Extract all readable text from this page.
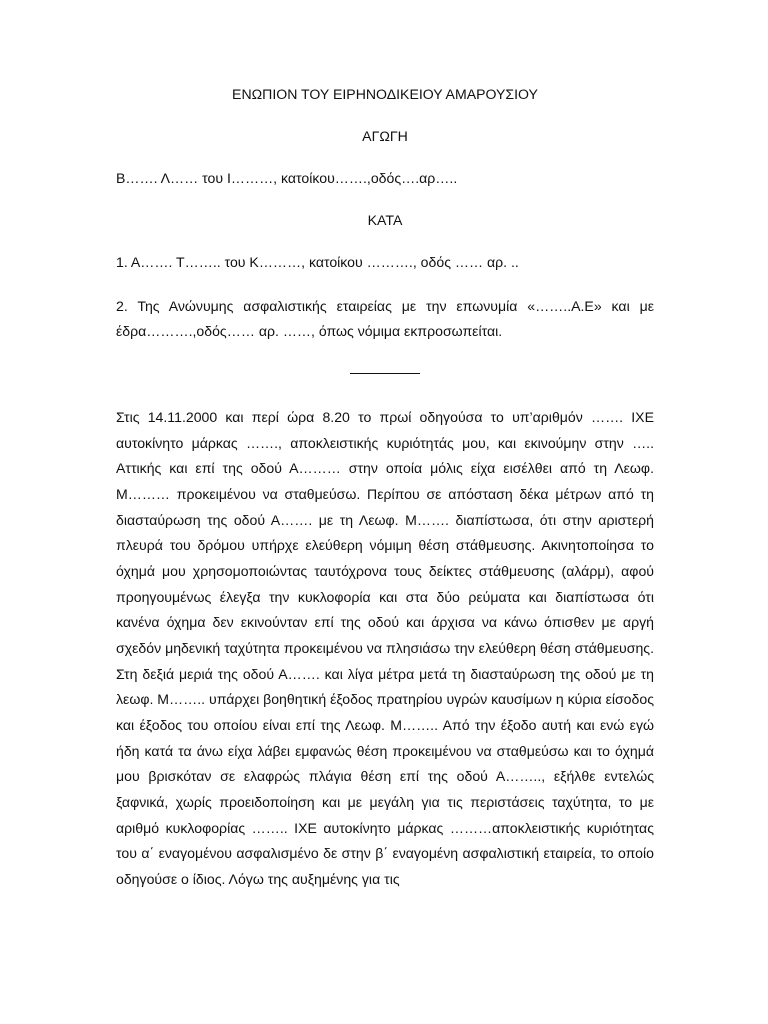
ΕΝΩΠΙΟΝ ΤΟΥ ΕΙΡΗΝΟΔΙΚΕΙΟΥ ΑΜΑΡΟΥΣΙΟΥ

ΑΓΩΓΗ

Β……. Λ…… του Ι………, κατοίκου…….,οδός….αρ…..

ΚΑΤΑ

1. Α……. Τ…….. του Κ………, κατοίκου ………., οδός …… αρ. ..

2. Της Ανώνυμης ασφαλιστικής εταιρείας με την επωνυμία «……..Α.Ε» και με έδρα……….,οδός…… αρ. ……, όπως νόμιμα εκπροσωπείται.

Στις 14.11.2000 και περί ώρα 8.20 το πρωί οδηγούσα το υπ’αριθμόν ……. ΙΧΕ αυτοκίνητο μάρκας ……., αποκλειστικής κυριότητάς μου, και εκινούμην στην ….. Αττικής και επί της οδού Α……… στην οποία μόλις είχα εισέλθει από τη Λεωφ. Μ……… προκειμένου να σταθμεύσω. Περίπου σε απόσταση δέκα μέτρων από τη διασταύρωση της οδού Α……. με τη Λεωφ. Μ……. διαπίστωσα, ότι στην αριστερή πλευρά του δρόμου υπήρχε ελεύθερη νόμιμη θέση στάθμευσης. Ακινητοποίησα το όχημά μου χρησομοποιώντας ταυτόχρονα τους δείκτες στάθμευσης (αλάρμ), αφού προηγουμένως έλεγξα την κυκλοφορία και στα δύο ρεύματα και διαπίστωσα ότι κανένα όχημα δεν εκινούνταν επί της οδού και άρχισα να κάνω όπισθεν με αργή σχεδόν μηδενική ταχύτητα προκειμένου να πλησιάσω την ελεύθερη θέση στάθμευσης. Στη δεξιά μεριά της οδού Α……. και λίγα μέτρα μετά τη διασταύρωση της οδού με τη λεωφ. Μ…….. υπάρχει βοηθητική έξοδος πρατηρίου υγρών καυσίμων η κύρια είσοδος και έξοδος του οποίου είναι επί της Λεωφ. Μ…….. Από την έξοδο αυτή και ενώ εγώ ήδη κατά τα άνω είχα λάβει εμφανώς θέση προκειμένου να σταθμεύσω και το όχημά μου βρισκόταν σε ελαφρώς πλάγια θέση επί της οδού Α…….., εξήλθε εντελώς ξαφνικά, χωρίς προειδοποίηση και με μεγάλη για τις περιστάσεις ταχύτητα, το με αριθμό κυκλοφορίας …….. ΙΧΕ αυτοκίνητο μάρκας ………αποκλειστικής κυριότητας του α΄ εναγομένου ασφαλισμένο δε στην β΄ εναγομένη ασφαλιστική εταιρεία, το οποίο οδηγούσε ο ίδιος. Λόγω της αυξημένης για τις
